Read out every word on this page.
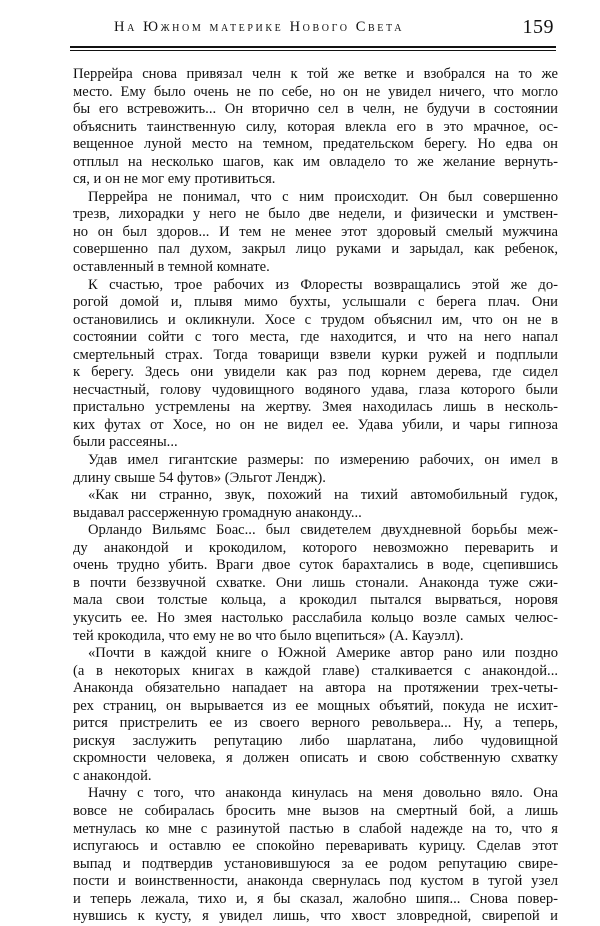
На Южном материке Нового Света	159
Перрейра снова привязал челн к той же ветке и взобрался на то же
место. Ему было очень не по себе, но он не увидел ничего, что могло
бы его встревожить... Он вторично сел в челн, не будучи в состоянии
объяснить таинственную силу, которая влекла его в это мрачное, ос-
вещенное луной место на темном, предательском берегу. Но едва он
отплыл на несколько шагов, как им овладело то же желание вернуть-
ся, и он не мог ему противиться.
Перрейра не понимал, что с ним происходит. Он был совершенно
трезв, лихорадки у него не было две недели, и физически и умствен-
но он был здоров... И тем не менее этот здоровый смелый мужчина
совершенно пал духом, закрыл лицо руками и зарыдал, как ребенок,
оставленный в темной комнате.
К счастью, трое рабочих из Флоресты возвращались этой же до-
рогой домой и, плывя мимо бухты, услышали с берега плач. Они
остановились и окликнули. Хосе с трудом объяснил им, что он не в
состоянии сойти с того места, где находится, и что на него напал
смертельный страх. Тогда товарищи взвели курки ружей и подплыли
к берегу. Здесь они увидели как раз под корнем дерева, где сидел
несчастный, голову чудовищного водяного удава, глаза которого были
пристально устремлены на жертву. Змея находилась лишь в несколь-
ких футах от Хосе, но он не видел ее. Удава убили, и чары гипноза
были рассеяны...
Удав имел гигантские размеры: по измерению рабочих, он имел в
длину свыше 54 футов» (Эльгот Лендж).
«Как ни странно, звук, похожий на тихий автомобильный гудок,
выдавал рассерженную громадную анаконду...
Орландо Вильямс Боас... был свидетелем двухдневной борьбы меж-
ду анакондой и крокодилом, которого невозможно переварить и
очень трудно убить. Враги двое суток барахтались в воде, сцепившись
в почти беззвучной схватке. Они лишь стонали. Анаконда туже сжи-
мала свои толстые кольца, а крокодил пытался вырваться, норовя
укусить ее. Но змея настолько расслабила кольцо возле самых челюс-
тей крокодила, что ему не во что было вцепиться» (А. Кауэлл).
«Почти в каждой книге о Южной Америке автор рано или поздно
(а в некоторых книгах в каждой главе) сталкивается с анакондой...
Анаконда обязательно нападает на автора на протяжении трех-четы-
рех страниц, он вырывается из ее мощных объятий, покуда не исхит-
рится пристрелить ее из своего верного револьвера... Ну, а теперь,
рискуя заслужить репутацию либо шарлатана, либо чудовищной
скромности человека, я должен описать и свою собственную схватку
с анакондой.
Начну с того, что анаконда кинулась на меня довольно вяло. Она
вовсе не собиралась бросить мне вызов на смертный бой, а лишь
метнулась ко мне с разинутой пастью в слабой надежде на то, что я
испугаюсь и оставлю ее спокойно переваривать курицу. Сделав этот
выпад и подтвердив установившуюся за ее родом репутацию свире-
пости и воинственности, анаконда свернулась под кустом в тугой узел
и теперь лежала, тихо и, я бы сказал, жалобно шипя... Снова повер-
нувшись к кусту, я увидел лишь, что хвост зловредной, свирепой и
